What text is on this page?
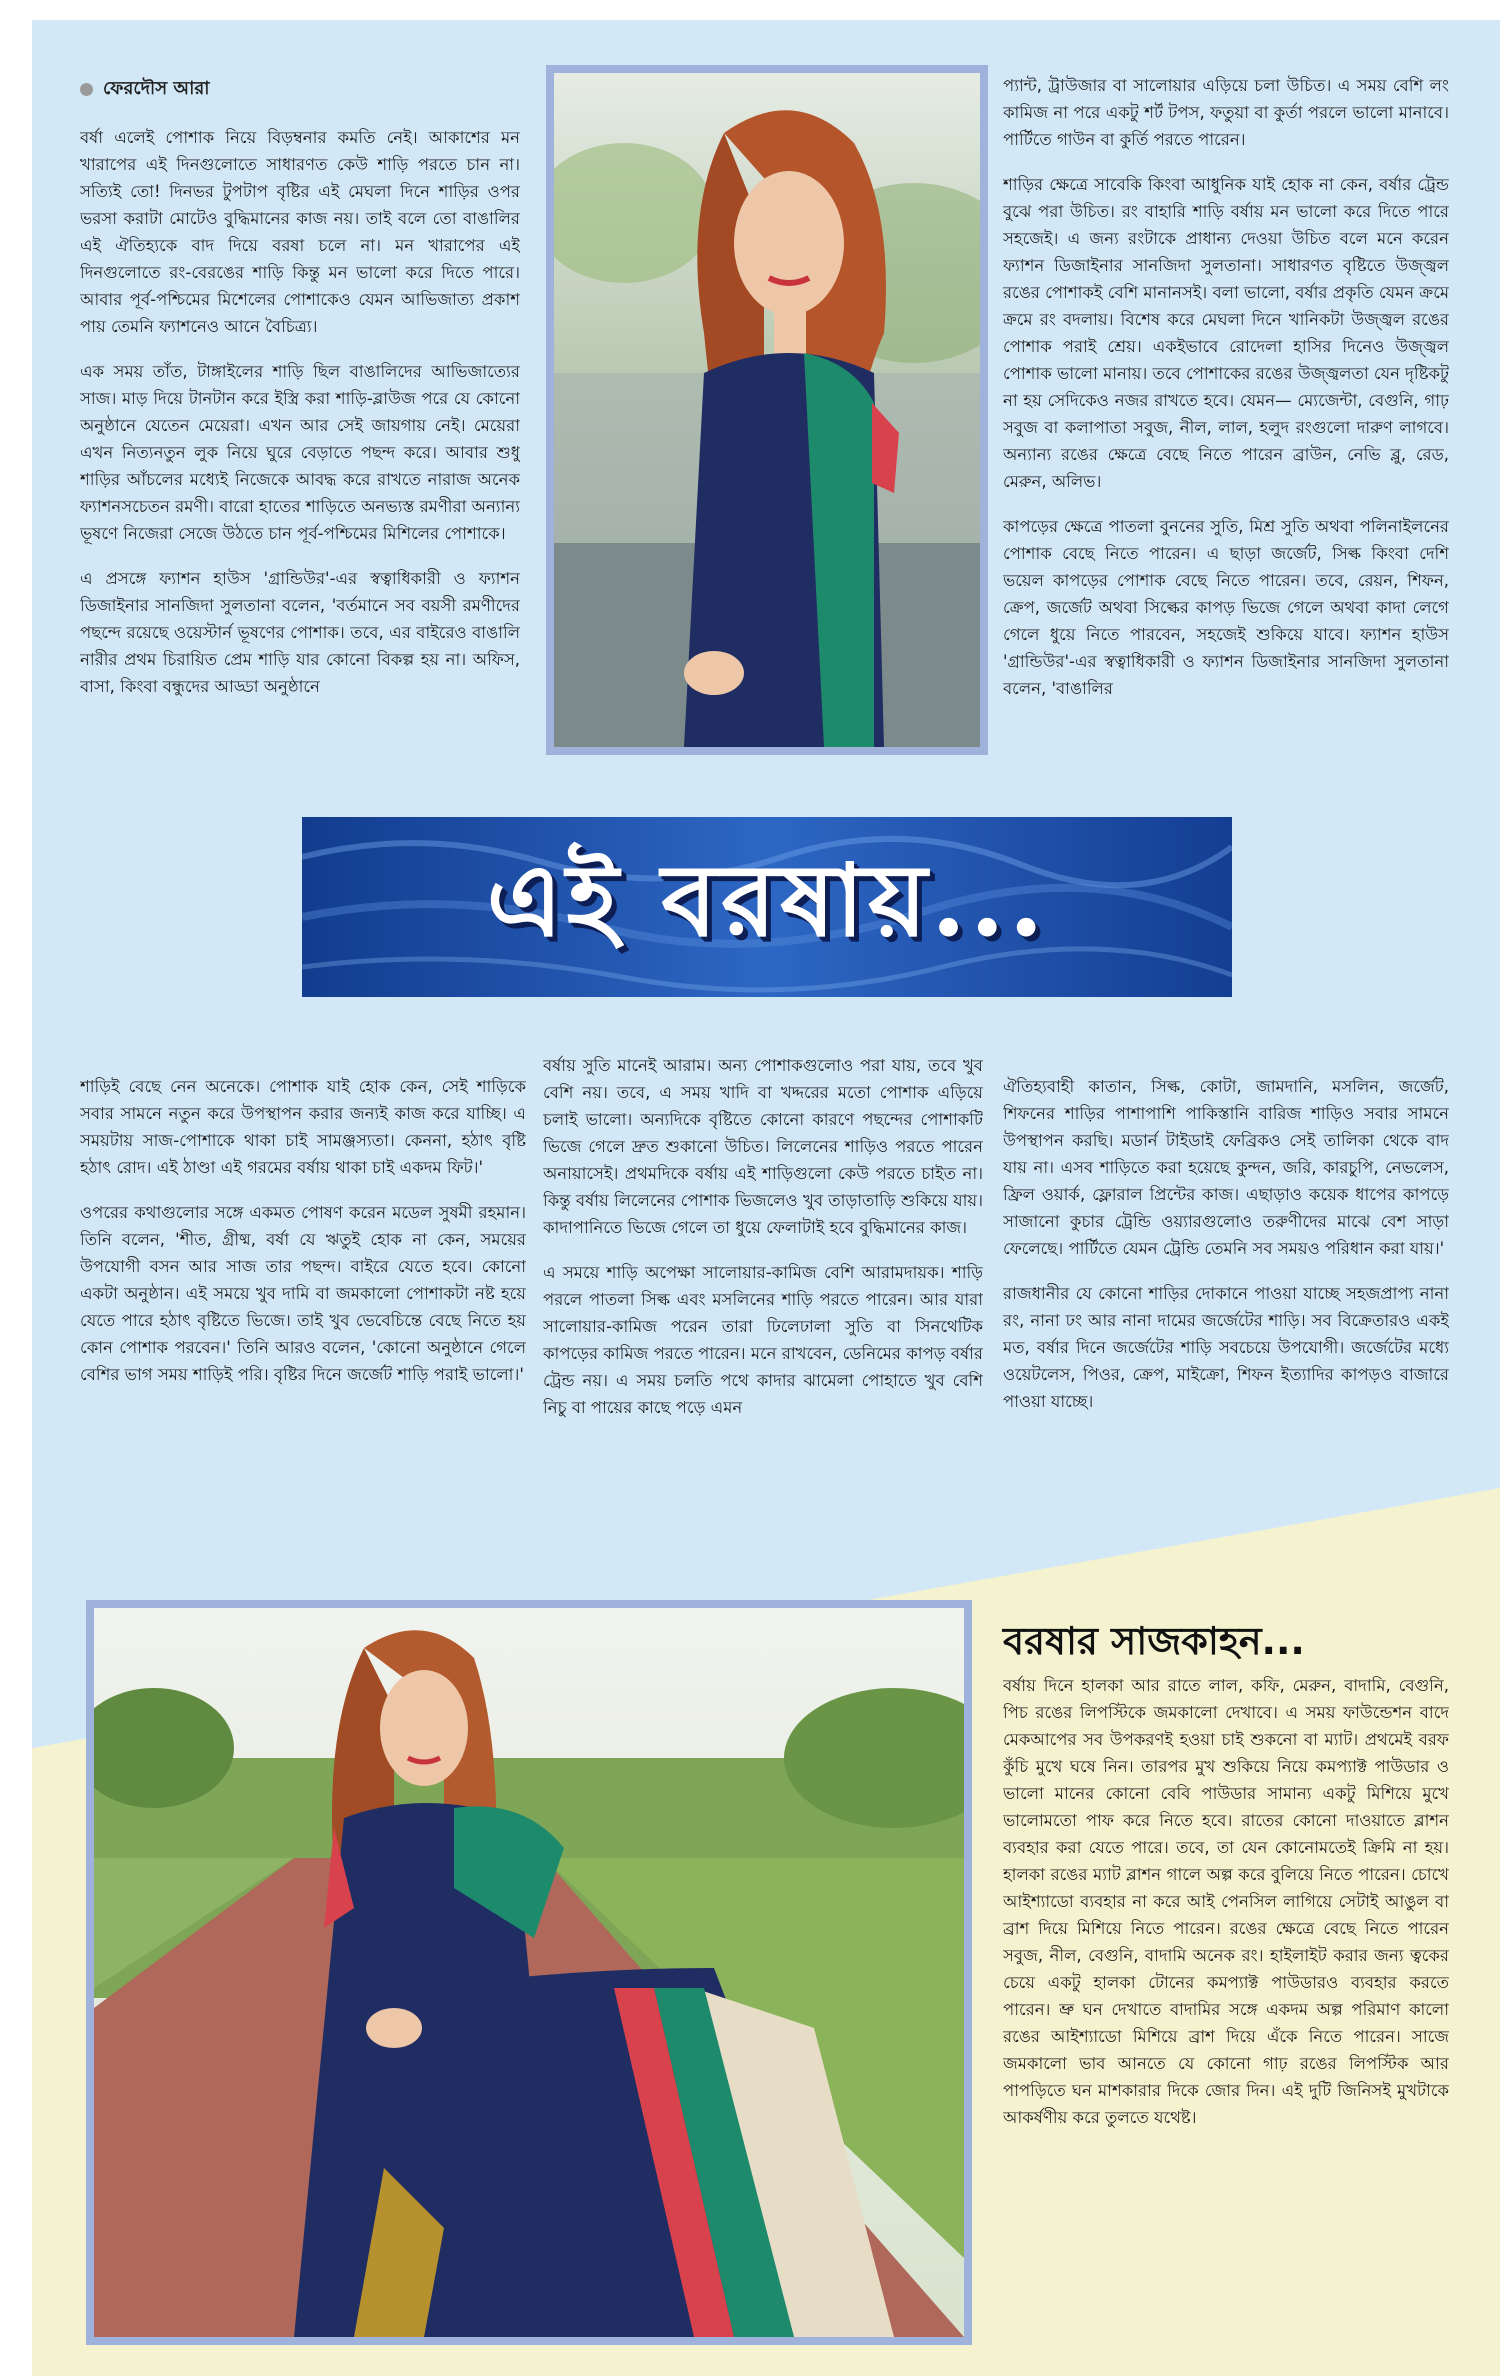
ফেরদৌস আরা

বর্ষা এলেই পোশাক নিয়ে বিড়ম্বনার কমতি নেই। আকাশের মন খারাপের এই দিনগুলোতে সাধারণত কেউ শাড়ি পরতে চান না। সত্যিই তো! দিনভর টুপটাপ বৃষ্টির এই মেঘলা দিনে শাড়ির ওপর ভরসা করাটা মোটেও বুদ্ধিমানের কাজ নয়। তাই বলে তো বাঙালির এই ঐতিহ্যকে বাদ দিয়ে বরষা চলে না। মন খারাপের এই দিনগুলোতে রং-বেরঙের শাড়ি কিন্তু মন ভালো করে দিতে পারে। আবার পূর্ব-পশ্চিমের মিশেলের পোশাকেও যেমন আভিজাত্য প্রকাশ পায় তেমনি ফ্যাশনেও আনে বৈচিত্র্য।

এক সময় তাঁত, টাঙ্গাইলের শাড়ি ছিল বাঙালিদের আভিজাত্যের সাজ। মাড় দিয়ে টানটান করে ইস্ত্রি করা শাড়ি-ব্লাউজ পরে যে কোনো অনুষ্ঠানে যেতেন মেয়েরা। এখন আর সেই জায়গায় নেই। মেয়েরা এখন নিত্যনতুন লুক নিয়ে ঘুরে বেড়াতে পছন্দ করে। আবার শুধু শাড়ির আঁচলের মধ্যেই নিজেকে আবদ্ধ করে রাখতে নারাজ অনেক ফ্যাশনসচেতন রমণী। বারো হাতের শাড়িতে অনভ্যস্ত রমণীরা অন্যান্য ভূষণে নিজেরা সেজে উঠতে চান পূর্ব-পশ্চিমের মিশিলের পোশাকে।

এ প্রসঙ্গে ফ্যাশন হাউস 'গ্রান্ডিউর'-এর স্বত্বাধিকারী ও ফ্যাশন ডিজাইনার সানজিদা সুলতানা বলেন, 'বর্তমানে সব বয়সী রমণীদের পছন্দে রয়েছে ওয়েস্টার্ন ভূষণের পোশাক। তবে, এর বাইরেও বাঙালি নারীর প্রথম চিরায়িত প্রেম শাড়ি যার কোনো বিকল্প হয় না। অফিস, বাসা, কিংবা বন্ধুদের আড্ডা অনুষ্ঠানে

প্যান্ট, ট্রাউজার বা সালোয়ার এড়িয়ে চলা উচিত। এ সময় বেশি লং কামিজ না পরে একটু শর্ট টপস, ফতুয়া বা কুর্তা পরলে ভালো মানাবে। পার্টিতে গাউন বা কুর্তি পরতে পারেন।

শাড়ির ক্ষেত্রে সাবেকি কিংবা আধুনিক যাই হোক না কেন, বর্ষার ট্রেন্ড বুঝে পরা উচিত। রং বাহারি শাড়ি বর্ষায় মন ভালো করে দিতে পারে সহজেই। এ জন্য রংটাকে প্রাধান্য দেওয়া উচিত বলে মনে করেন ফ্যাশন ডিজাইনার সানজিদা সুলতানা। সাধারণত বৃষ্টিতে উজ্জ্বল রঙের পোশাকই বেশি মানানসই। বলা ভালো, বর্ষার প্রকৃতি যেমন ক্রমে ক্রমে রং বদলায়। বিশেষ করে মেঘলা দিনে খানিকটা উজ্জ্বল রঙের পোশাক পরাই শ্রেয়। একইভাবে রোদেলা হাসির দিনেও উজ্জ্বল পোশাক ভালো মানায়। তবে পোশাকের রঙের উজ্জ্বলতা যেন দৃষ্টিকটু না হয় সেদিকেও নজর রাখতে হবে। যেমন— ম্যেজেন্টা, বেগুনি, গাঢ় সবুজ বা কলাপাতা সবুজ, নীল, লাল, হলুদ রংগুলো দারুণ লাগবে। অন্যান্য রঙের ক্ষেত্রে বেছে নিতে পারেন ব্রাউন, নেভি ব্লু, রেড, মেরুন, অলিভ।

কাপড়ের ক্ষেত্রে পাতলা বুননের সুতি, মিশ্র সুতি অথবা পলিনাইলনের পোশাক বেছে নিতে পারেন। এ ছাড়া জর্জেট, সিল্ক কিংবা দেশি ভয়েল কাপড়ের পোশাক বেছে নিতে পারেন। তবে, রেয়ন, শিফন, ক্রেপ, জর্জেট অথবা সিল্কের কাপড় ভিজে গেলে অথবা কাদা লেগে গেলে ধুয়ে নিতে পারবেন, সহজেই শুকিয়ে যাবে। ফ্যাশন হাউস 'গ্রান্ডিউর'-এর স্বত্বাধিকারী ও ফ্যাশন ডিজাইনার সানজিদা সুলতানা বলেন, 'বাঙালির

এই বরষায়...

শাড়িই বেছে নেন অনেকে। পোশাক যাই হোক কেন, সেই শাড়িকে সবার সামনে নতুন করে উপস্থাপন করার জন্যই কাজ করে যাচ্ছি। এ সময়টায় সাজ-পোশাকে থাকা চাই সামঞ্জস্যতা। কেননা, হঠাৎ বৃষ্টি হঠাৎ রোদ। এই ঠাণ্ডা এই গরমের বর্ষায় থাকা চাই একদম ফিট।'

ওপরের কথাগুলোর সঙ্গে একমত পোষণ করেন মডেল সুষমী রহমান। তিনি বলেন, 'শীত, গ্রীষ্ম, বর্ষা যে ঋতুই হোক না কেন, সময়ের উপযোগী বসন আর সাজ তার পছন্দ। বাইরে যেতে হবে। কোনো একটা অনুষ্ঠান। এই সময়ে খুব দামি বা জমকালো পোশাকটা নষ্ট হয়ে যেতে পারে হঠাৎ বৃষ্টিতে ভিজে। তাই খুব ভেবেচিন্তে বেছে নিতে হয় কোন পোশাক পরবেন।' তিনি আরও বলেন, 'কোনো অনুষ্ঠানে গেলে বেশির ভাগ সময় শাড়িই পরি। বৃষ্টির দিনে জর্জেট শাড়ি পরাই ভালো।'

বর্ষায় সুতি মানেই আরাম। অন্য পোশাকগুলোও পরা যায়, তবে খুব বেশি নয়। তবে, এ সময় খাদি বা খদ্দরের মতো পোশাক এড়িয়ে চলাই ভালো। অন্যদিকে বৃষ্টিতে কোনো কারণে পছন্দের পোশাকটি ভিজে গেলে দ্রুত শুকানো উচিত। লিলেনের শাড়িও পরতে পারেন অনায়াসেই। প্রথমদিকে বর্ষায় এই শাড়িগুলো কেউ পরতে চাইত না। কিন্তু বর্ষায় লিলেনের পোশাক ভিজলেও খুব তাড়াতাড়ি শুকিয়ে যায়। কাদাপানিতে ভিজে গেলে তা ধুয়ে ফেলাটাই হবে বুদ্ধিমানের কাজ।

এ সময়ে শাড়ি অপেক্ষা সালোয়ার-কামিজ বেশি আরামদায়ক। শাড়ি পরলে পাতলা সিল্ক এবং মসলিনের শাড়ি পরতে পারেন। আর যারা সালোয়ার-কামিজ পরেন তারা ঢিলেঢালা সুতি বা সিনথেটিক কাপড়ের কামিজ পরতে পারেন। মনে রাখবেন, ডেনিমের কাপড় বর্ষার ট্রেন্ড নয়। এ সময় চলতি পথে কাদার ঝামেলা পোহাতে খুব বেশি নিচু বা পায়ের কাছে পড়ে এমন

ঐতিহ্যবাহী কাতান, সিল্ক, কোটা, জামদানি, মসলিন, জর্জেট, শিফনের শাড়ির পাশাপাশি পাকিস্তানি বারিজ শাড়িও সবার সামনে উপস্থাপন করছি। মডার্ন টাইডাই ফেব্রিকও সেই তালিকা থেকে বাদ যায় না। এসব শাড়িতে করা হয়েছে কুন্দন, জরি, কারচুপি, নেভলেস, ফ্রিল ওয়ার্ক, ফ্লোরাল প্রিন্টের কাজ। এছাড়াও কয়েক ধাপের কাপড়ে সাজানো কুচার ট্রেন্ডি ওয়্যারগুলোও তরুণীদের মাঝে বেশ সাড়া ফেলেছে। পার্টিতে যেমন ট্রেন্ডি তেমনি সব সময়ও পরিধান করা যায়।'

রাজধানীর যে কোনো শাড়ির দোকানে পাওয়া যাচ্ছে সহজপ্রাপ্য নানা রং, নানা ঢং আর নানা দামের জর্জেটের শাড়ি। সব বিক্রেতারও একই মত, বর্ষার দিনে জর্জেটের শাড়ি সবচেয়ে উপযোগী। জর্জেটের মধ্যে ওয়েটলেস, পিওর, ক্রেপ, মাইক্রো, শিফন ইত্যাদির কাপড়ও বাজারে পাওয়া যাচ্ছে।

বরষার সাজকাহন...

বর্ষায় দিনে হালকা আর রাতে লাল, কফি, মেরুন, বাদামি, বেগুনি, পিচ রঙের লিপস্টিকে জমকালো দেখাবে। এ সময় ফাউন্ডেশন বাদে মেকআপের সব উপকরণই হওয়া চাই শুকনো বা ম্যাট। প্রথমেই বরফ কুঁচি মুখে ঘষে নিন। তারপর মুখ শুকিয়ে নিয়ে কমপ্যাক্ট পাউডার ও ভালো মানের কোনো বেবি পাউডার সামান্য একটু মিশিয়ে মুখে ভালোমতো পাফ করে নিতে হবে। রাতের কোনো দাওয়াতে ব্লাশন ব্যবহার করা যেতে পারে। তবে, তা যেন কোনোমতেই ক্রিমি না হয়। হালকা রঙের ম্যাট ব্লাশন গালে অল্প করে বুলিয়ে নিতে পারেন। চোখে আইশ্যাডো ব্যবহার না করে আই পেনসিল লাগিয়ে সেটাই আঙুল বা ব্রাশ দিয়ে মিশিয়ে নিতে পারেন। রঙের ক্ষেত্রে বেছে নিতে পারেন সবুজ, নীল, বেগুনি, বাদামি অনেক রং। হাইলাইট করার জন্য ত্বকের চেয়ে একটু হালকা টোনের কমপ্যাক্ট পাউডারও ব্যবহার করতে পারেন। ভ্রু ঘন দেখাতে বাদামির সঙ্গে একদম অল্প পরিমাণ কালো রঙের আইশ্যাডো মিশিয়ে ব্রাশ দিয়ে এঁকে নিতে পারেন। সাজে জমকালো ভাব আনতে যে কোনো গাঢ় রঙের লিপস্টিক আর পাপড়িতে ঘন মাশকারার দিকে জোর দিন। এই দুটি জিনিসই মুখটাকে আকর্ষণীয় করে তুলতে যথেষ্ট।
